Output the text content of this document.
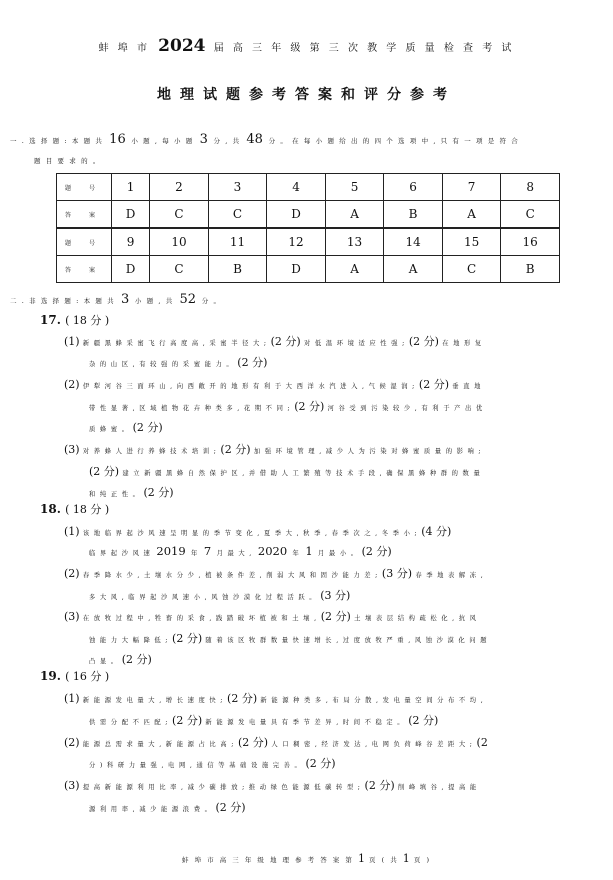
蚌 埠 市 2024 届 高 三 年 级 第 三 次 教 学 质 量 检 查 考 试
地理试题参考答案和评分参考
一 . 选 择 题 : 本 题 共 16 小 题 , 每 小 题 3 分 , 共 48 分 。 在 每 小 题 给 出 的 四 个 选 项 中 , 只 有 一 项 是 符 合
题 目 要 求 的 。
题 号	1	2	3	4	5	6	7	8
答 案	D	C	C	D	A	B	A	C
题 号	9	10	11	12	13	14	15	16
答 案	D	C	B	D	A	A	C	B
二 . 非 选 择 题 : 本 题 共 3 小 题 , 共 52 分 。
17. ( 18 分 )
(1) 新 疆 黑 蜂 采 蜜 飞 行 高 度 高 , 采 蜜 半 径 大 ; (2 分) 对 低 温 环 境 适 应 性 强 ; (2 分) 在 地 形 复
杂 的 山 区 , 有 较 强 的 采 蜜 能 力 。 (2 分)
(2) 伊 犁 河 谷 三 面 环 山 , 向 西 敞 开 的 地 形 有 利 于 大 西 洋 水 汽 进 入 , 气 候 湿 润 ; (2 分) 垂 直 地
带 性 显 著 , 区 域 植 物 花 卉 种 类 多 , 花 期 不 同 ; (2 分) 河 谷 受 到 污 染 较 少 , 有 利 于 产 出 优
质 蜂 蜜 。 (2 分)
(3) 对 养 蜂 人 进 行 养 蜂 技 术 培 训 ; (2 分) 加 强 环 境 管 理 , 减 少 人 为 污 染 对 蜂 蜜 质 量 的 影 响 ;
(2 分) 建 立 新 疆 黑 蜂 自 然 保 护 区 , 并 借 助 人 工 繁 殖 等 技 术 手 段 , 确 保 黑 蜂 种 群 的 数 量
和 纯 正 性 。 (2 分)
18. ( 18 分 )
(1) 该 地 临 界 起 沙 风 速 呈 明 显 的 季 节 变 化 , 夏 季 大 , 秋 季 , 春 季 次 之 , 冬 季 小 ; (4 分)
临 界 起 沙 风 速 2019 年 7 月 最 大 , 2020 年 1 月 最 小 。 (2 分)
(2) 春 季 降 水 少 , 土 壤 水 分 少 , 植 被 条 件 差 , 削 弱 大 风 和 固 沙 能 力 差 ; (3 分) 春 季 地 表 解 冻 ,
多 大 风 , 临 界 起 沙 风 速 小 , 风 蚀 沙 漠 化 过 程 活 跃 。 (3 分)
(3) 在 放 牧 过 程 中 , 牲 畜 的 采 食 , 践 踏 破 坏 植 被 和 土 壤 , (2 分) 土 壤 表 层 结 构 疏 松 化 , 抗 风
蚀 能 力 大 幅 降 低 ; (2 分) 随 着 该 区 牧 群 数 量 快 速 增 长 , 过 度 放 牧 严 重 , 风 蚀 沙 漠 化 问 题
凸 显 。 (2 分)
19. ( 16 分 )
(1) 新 能 源 发 电 量 大 , 增 长 速 度 快 ; (2 分) 新 能 源 种 类 多 , 布 局 分 散 , 发 电 量 空 间 分 布 不 均 ,
供 需 分 配 不 匹 配 ; (2 分) 新 能 源 发 电 量 具 有 季 节 差 异 , 时 间 不 稳 定 。 (2 分)
(2) 能 源 总 需 求 量 大 , 新 能 源 占 比 高 ; (2 分) 人 口 稠 密 , 经 济 发 达 , 电 网 负 荷 峰 谷 差 距 大 ; (2
分 ) 科 研 力 量 强 , 电 网 , 通 信 等 基 础 设 施 完 善 。 (2 分)
(3) 提 高 新 能 源 利 用 比 率 , 减 少 碳 排 放 ; 推 动 绿 色 能 源 低 碳 转 型 ; (2 分) 削 峰 填 谷 , 提 高 能
源 利 用 率 , 减 少 能 源 浪 费 。 (2 分)
蚌 埠 市 高 三 年 级 地 理 参 考 答 案 第 1 页 ( 共 1 页 )
